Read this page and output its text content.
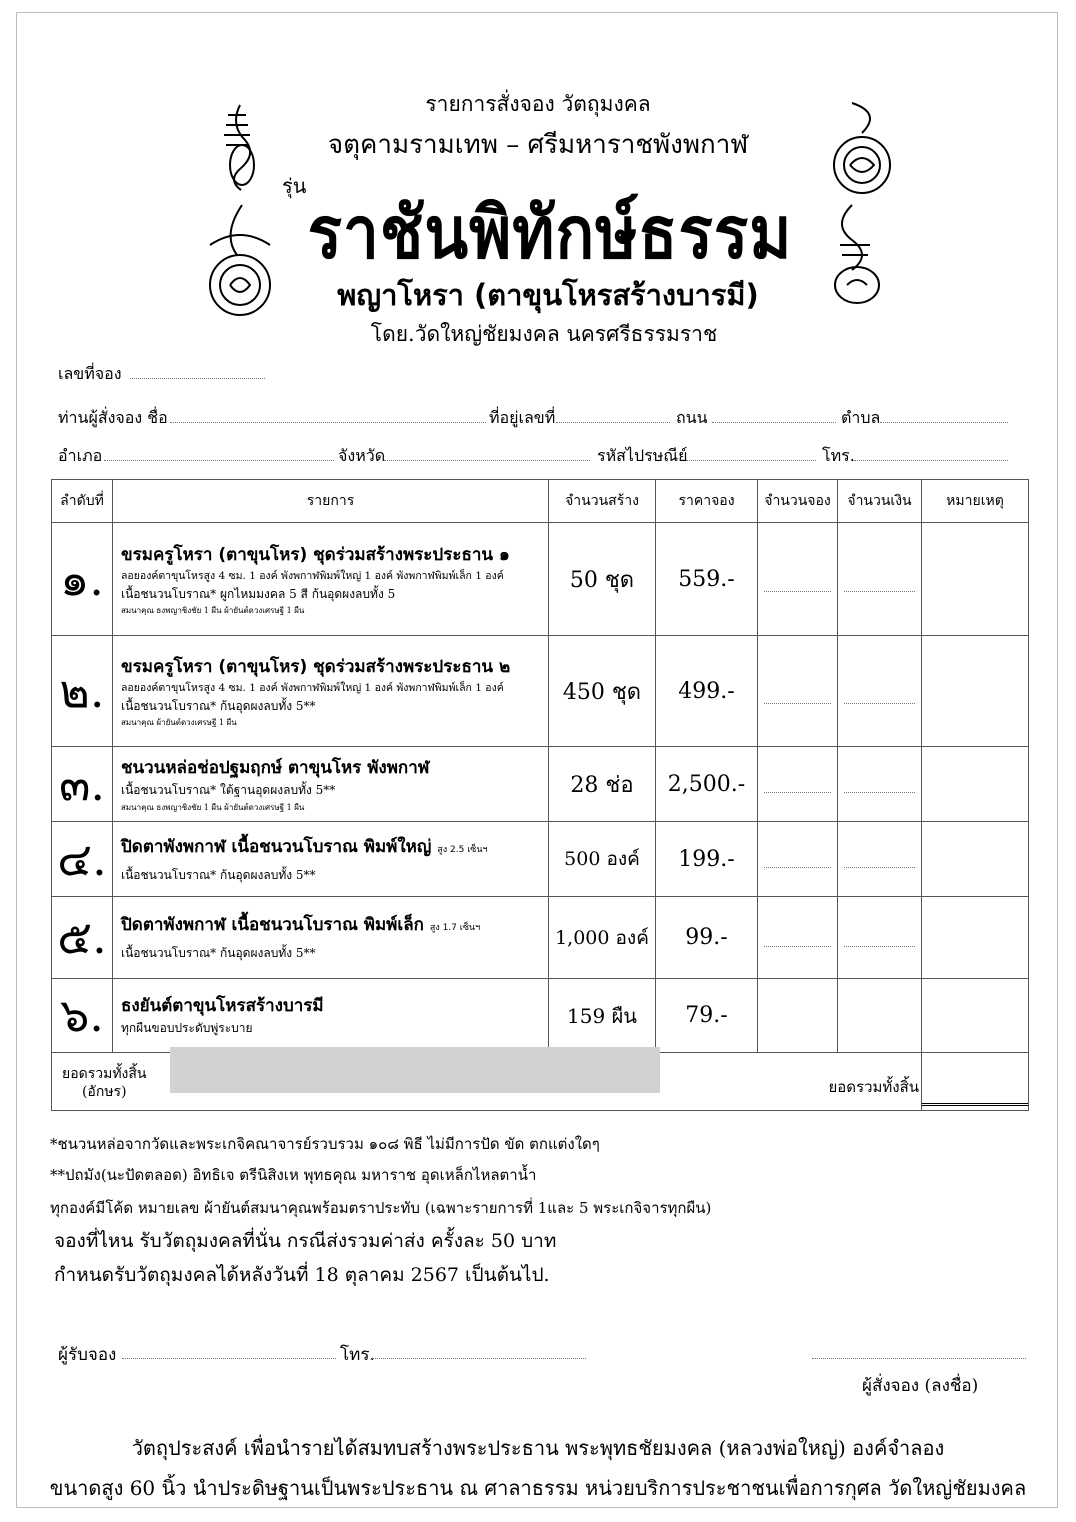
รายการสั่งจอง วัตถุมงคล
จตุคามรามเทพ – ศรีมหาราชพังพกาฬ
รุ่น
ราชันพิทักษ์ธรรม
พญาโหรา (ตาขุนโหรสร้างบารมี)
โดย.วัดใหญ่ชัยมงคล นครศรีธรรมราช
เลขที่จอง
ท่านผู้สั่งจอง ชื่อ	ที่อยู่เลขที่	ถนน	ตำบล
อำเภอ	จังหวัด	รหัสไปรษณีย์	โทร.
ลำดับที่	รายการ	จำนวนสร้าง	ราคาจอง	จำนวนจอง	จำนวนเงิน	หมายเหตุ
๑.	ขรมครูโหรา (ตาขุนโหร) ชุดร่วมสร้างพระประธาน ๑
ลอยองค์ตาขุนโหรสูง 4 ซม. 1 องค์ พังพกาฬพิมพ์ใหญ่ 1 องค์ พังพกาฬพิมพ์เล็ก 1 องค์
เนื้อชนวนโบราณ* ผูกไหมมงคล 5 สี ก้นอุดผงลบทั้ง 5
สมนาคุณ ธงพญาชิงชัย 1 ผืน ผ้ายันต์ดวงเศรษฐี 1 ผืน	50 ชุด	559.-	

๒.	ขรมครูโหรา (ตาขุนโหร) ชุดร่วมสร้างพระประธาน ๒
ลอยองค์ตาขุนโหรสูง 4 ซม. 1 องค์ พังพกาฬพิมพ์ใหญ่ 1 องค์ พังพกาฬพิมพ์เล็ก 1 องค์
เนื้อชนวนโบราณ* ก้นอุดผงลบทั้ง 5**
สมนาคุณ ผ้ายันต์ดวงเศรษฐี 1 ผืน	450 ชุด	499.-	

๓.	ชนวนหล่อช่อปฐมฤกษ์ ตาขุนโหร พังพกาฬ
เนื้อชนวนโบราณ* ใต้ฐานอุดผงลบทั้ง 5**
สมนาคุณ ธงพญาชิงชัย 1 ผืน ผ้ายันต์ดวงเศรษฐี 1 ผืน	28 ช่อ	2,500.-	

๔.	ปิดตาพังพกาฬ เนื้อชนวนโบราณ พิมพ์ใหญ่ สูง 2.5 เซ็นฯ
เนื้อชนวนโบราณ* ก้นอุดผงลบทั้ง 5**	500 องค์	199.-	

๕.	ปิดตาพังพกาฬ เนื้อชนวนโบราณ พิมพ์เล็ก สูง 1.7 เซ็นฯ
เนื้อชนวนโบราณ* ก้นอุดผงลบทั้ง 5**	1,000 องค์	99.-	

๖.	ธงยันต์ตาขุนโหรสร้างบารมี
ทุกผืนขอบประดับพู่ระบาย	159 ผืน	79.-			

ยอดรวมทั้งสิ้น
(อักษร) ยอดรวมทั้งสิ้น						

*ชนวนหล่อจากวัดและพระเกจิคณาจารย์รวบรวม ๑๐๘ พิธี ไม่มีการปัด ขัด ตกแต่งใดๆ
**ปถมัง(นะปัดตลอด) อิทธิเจ ตรีนิสิงเห พุทธคุณ มหาราช อุดเหล็กไหลตาน้ำ
ทุกองค์มีโค้ด หมายเลข ผ้ายันต์สมนาคุณพร้อมตราประทับ (เฉพาะรายการที่ 1และ 5 พระเกจิจารทุกผืน)
จองที่ไหน รับวัตถุมงคลที่นั่น กรณีส่งรวมค่าส่ง ครั้งละ 50 บาท
กำหนดรับวัตถุมงคลได้หลังวันที่ 18 ตุลาคม 2567 เป็นต้นไป.
ผู้รับจอง	โทร.
ผู้สั่งจอง (ลงชื่อ)
วัตถุประสงค์ เพื่อนำรายได้สมทบสร้างพระประธาน พระพุทธชัยมงคล (หลวงพ่อใหญ่) องค์จำลอง
ขนาดสูง 60 นิ้ว นำประดิษฐานเป็นพระประธาน ณ ศาลาธรรม หน่วยบริการประชาชนเพื่อการกุศล วัดใหญ่ชัยมงคล
